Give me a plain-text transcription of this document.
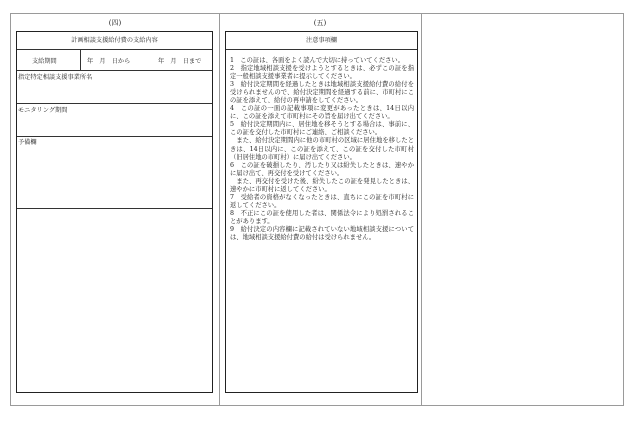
(四)
計画相談支援給付費の支給内容
支給期間	年　月　日から	年　月　日まで
指定特定相談支援事業所名
モニタリング期間
予備欄
(五)
注意事項欄

1　この証は、各面をよく読んで大切に持っていてください。

2　指定地域相談支援を受けようとするときは、必ずこの証を指定一般相談支援事業者に提示してください。

3　給付決定期間を経過したときは地域相談支援給付費の給付を受けられませんので、給付決定期間を経過する前に、市町村にこの証を添えて、給付の再申請をしてください。

4　この証の一面の記載事項に変更があったときは、14日以内に、この証を添えて市町村にその旨を届け出てください。

5　給付決定期間内に、居住地を移そうとする場合は、事前に、この証を交付した市町村にご連絡、ご相談ください。

　また、給付決定期間内に他の市町村の区域に居住地を移したときは、14日以内に、この証を添えて、この証を交付した市町村（旧居住地の市町村）に届け出てください。

6　この証を破損したり、汚したり又は紛失したときは、速やかに届け出て、再交付を受けてください。

　また、再交付を受けた後、紛失したこの証を発見したときは、速やかに市町村に返してください。

7　受給者の資格がなくなったときは、直ちにこの証を市町村に返してください。

8　不正にこの証を使用した者は、関係法令により処罰されることがあります。

9　給付決定の内容欄に記載されていない地域相談支援については、地域相談支援給付費の給付は受けられません。
